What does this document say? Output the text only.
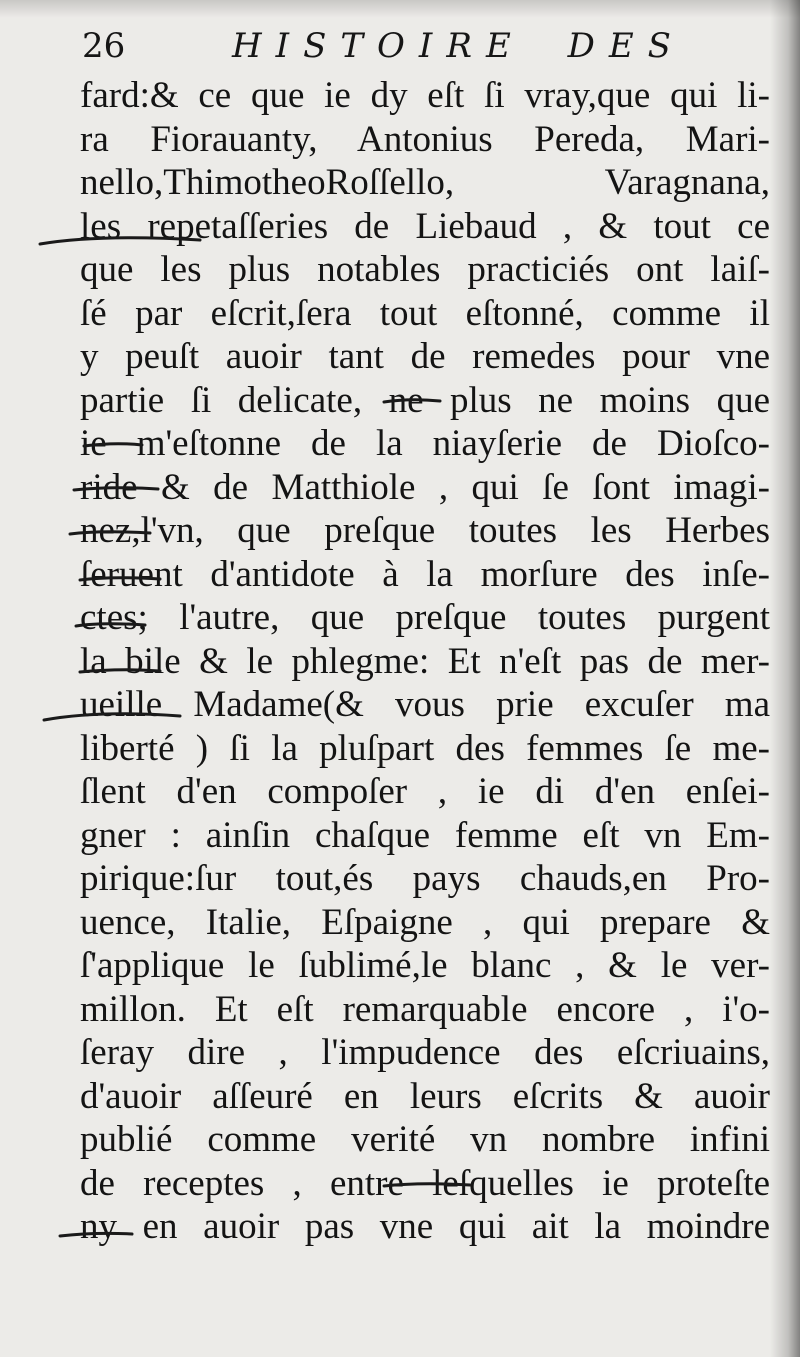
26	HISTOIRE DES
fard:& ce que ie dy eſt ſi vray,que qui li-
ra Fiorauanty, Antonius Pereda, Mari-
nello,ThimotheoRoſſello, Varagnana,
les repetaſſeries de Liebaud , & tout ce
que les plus notables practiciés ont laiſ-
ſé par eſcrit,ſera tout eſtonné, comme il
y peuſt auoir tant de remedes pour vne
partie ſi delicate, ne plus ne moins que
ie m'eſtonne de la niayſerie de Dioſco-
ride & de Matthiole , qui ſe ſont imagi-
nez,l'vn, que preſque toutes les Herbes
ſeruent d'antidote à la morſure des inſe-
ctes; l'autre, que preſque toutes purgent
la bile & le phlegme: Et n'eſt pas de mer-
ueille Madame(& vous prie excuſer ma
liberté ) ſi la pluſpart des femmes ſe me-
ſlent d'en compoſer , ie di d'en enſei-
gner : ainſin chaſque femme eſt vn Em-
pirique:ſur tout,és pays chauds,en Pro-
uence, Italie, Eſpaigne , qui prepare &
ſ'applique le ſublimé,le blanc , & le ver-
millon. Et eſt remarquable encore , i'o-
ſeray dire , l'impudence des eſcriuains,
d'auoir aſſeuré en leurs eſcrits & auoir
publié comme verité vn nombre infini
de receptes , entre leſquelles ie proteſte
ny en auoir pas vne qui ait la moindre
